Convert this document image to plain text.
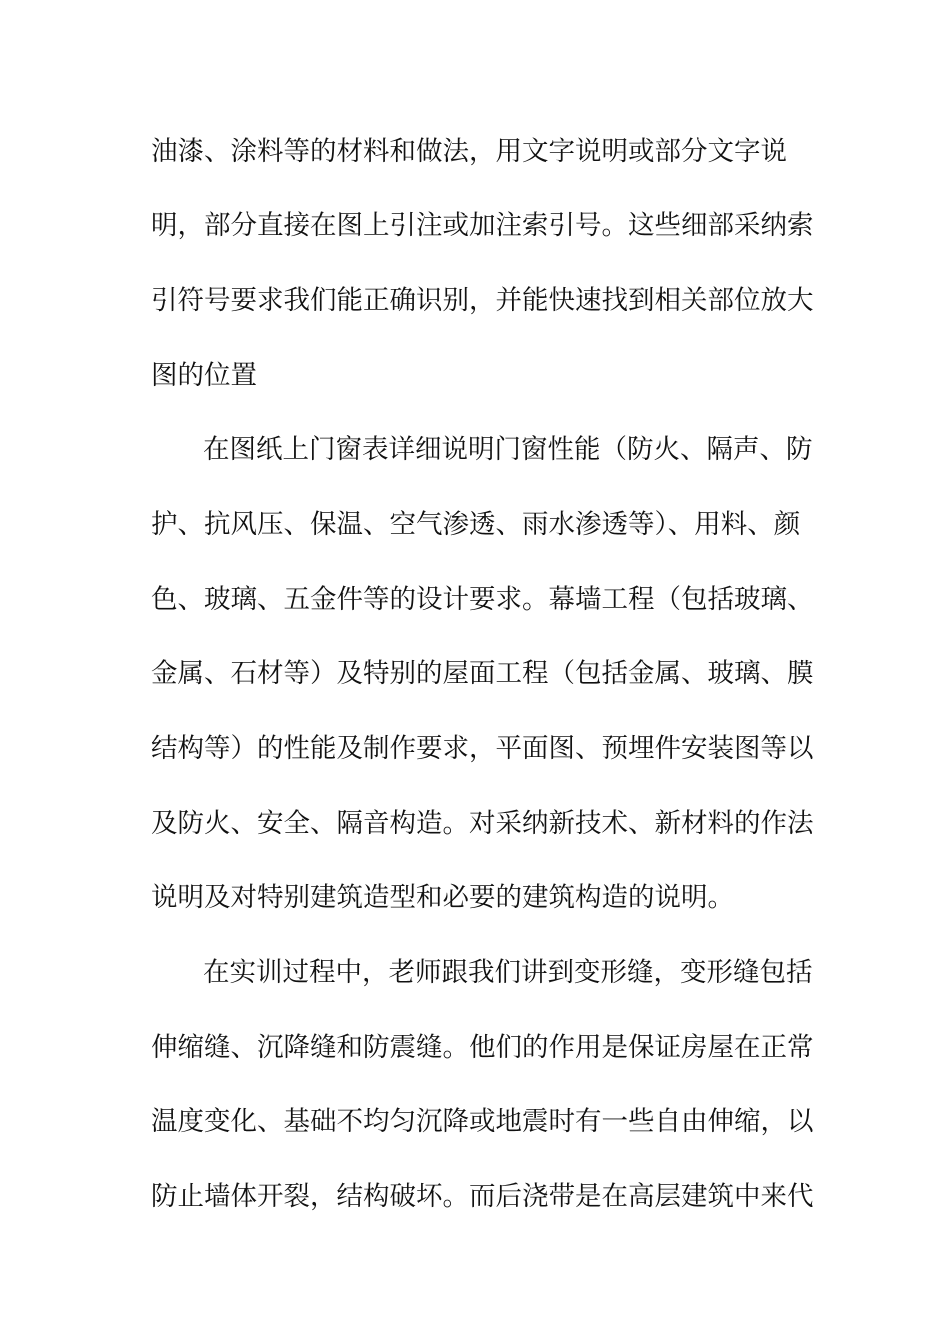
油漆、涂料等的材料和做法，用文字说明或部分文字说
明，部分直接在图上引注或加注索引号。这些细部采纳索
引符号要求我们能正确识别，并能快速找到相关部位放大
图的位置
在图纸上门窗表详细说明门窗性能（防火、隔声、防
护、抗风压、保温、空气渗透、雨水渗透等）、用料、颜
色、玻璃、五金件等的设计要求。幕墙工程（包括玻璃、
金属、石材等）及特别的屋面工程（包括金属、玻璃、膜
结构等）的性能及制作要求，平面图、预埋件安装图等以
及防火、安全、隔音构造。对采纳新技术、新材料的作法
说明及对特别建筑造型和必要的建筑构造的说明。
在实训过程中，老师跟我们讲到变形缝，变形缝包括
伸缩缝、沉降缝和防震缝。他们的作用是保证房屋在正常
温度变化、基础不均匀沉降或地震时有一些自由伸缩，以
防止墙体开裂，结构破坏。而后浇带是在高层建筑中来代
